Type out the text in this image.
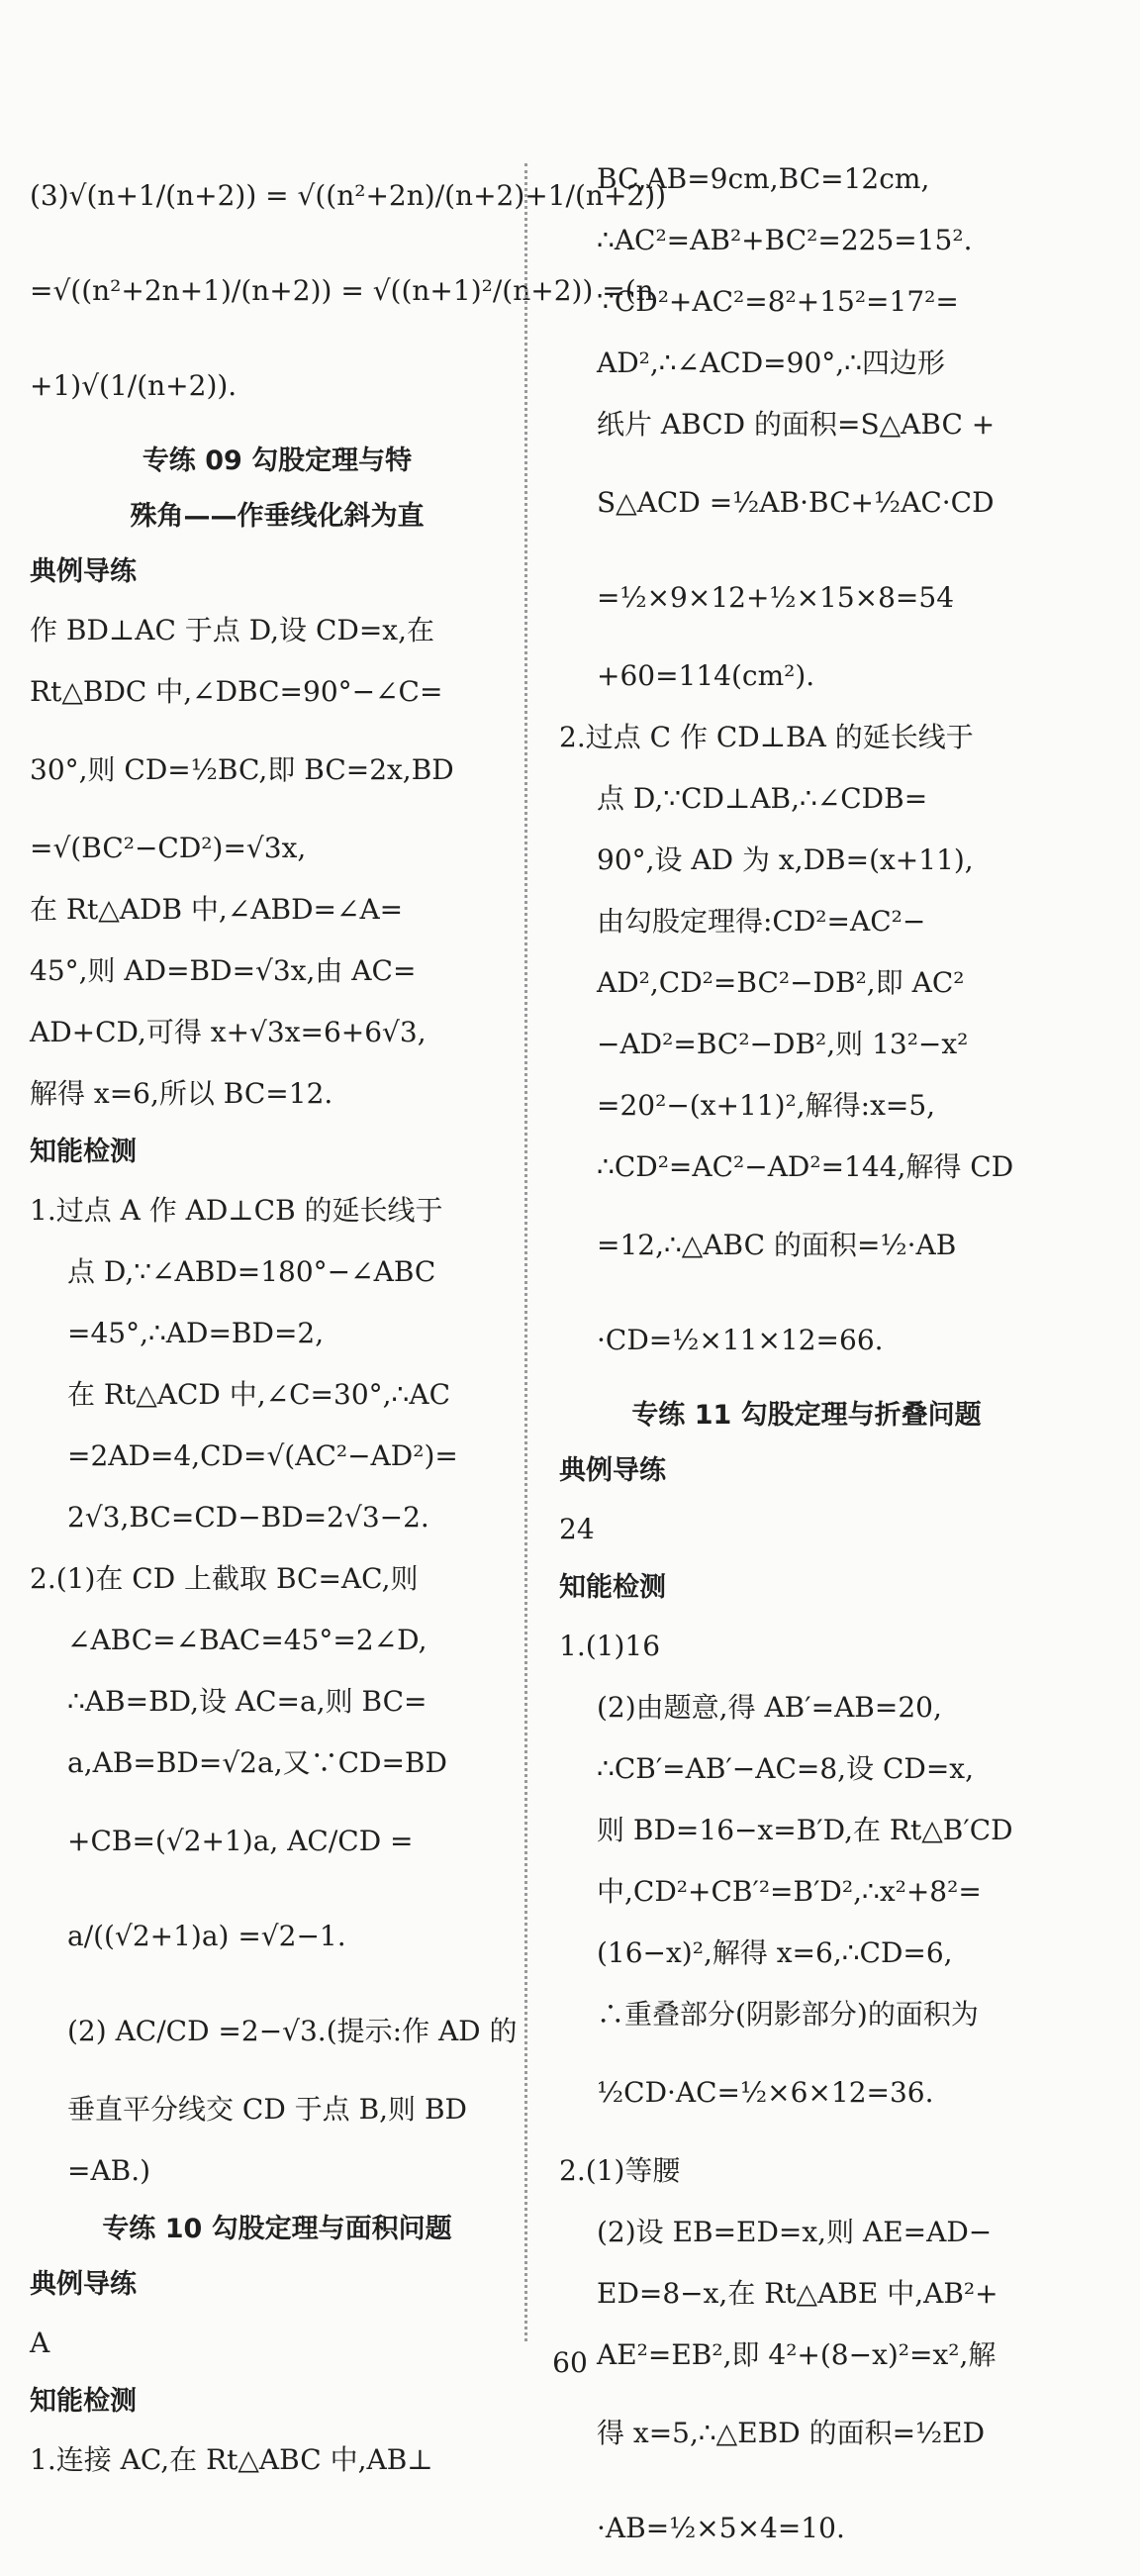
(3)√(n+1/(n+2)) = √((n²+2n)/(n+2)+1/(n+2))
=√((n²+2n+1)/(n+2)) = √((n+1)²/(n+2)) =(n
+1)√(1/(n+2)).
专练 09 勾股定理与特
殊角——作垂线化斜为直
典例导练
作 BD⊥AC 于点 D,设 CD=x,在
Rt△BDC 中,∠DBC=90°−∠C=
30°,则 CD=½BC,即 BC=2x,BD
=√(BC²−CD²)=√3x,
在 Rt△ADB 中,∠ABD=∠A=
45°,则 AD=BD=√3x,由 AC=
AD+CD,可得 x+√3x=6+6√3,
解得 x=6,所以 BC=12.
知能检测
1.过点 A 作 AD⊥CB 的延长线于
点 D,∵∠ABD=180°−∠ABC
=45°,∴AD=BD=2,
在 Rt△ACD 中,∠C=30°,∴AC
=2AD=4,CD=√(AC²−AD²)=
2√3,BC=CD−BD=2√3−2.
2.(1)在 CD 上截取 BC=AC,则
∠ABC=∠BAC=45°=2∠D,
∴AB=BD,设 AC=a,则 BC=
a,AB=BD=√2a,又∵CD=BD
+CB=(√2+1)a, AC/CD =
a/((√2+1)a) =√2−1.
(2) AC/CD =2−√3.(提示:作 AD 的
垂直平分线交 CD 于点 B,则 BD
=AB.)
专练 10 勾股定理与面积问题
典例导练
A
知能检测
1.连接 AC,在 Rt△ABC 中,AB⊥
BC,AB=9cm,BC=12cm,
∴AC²=AB²+BC²=225=15².
∵CD²+AC²=8²+15²=17²=
AD²,∴∠ACD=90°,∴四边形
纸片 ABCD 的面积=S△ABC +
S△ACD =½AB·BC+½AC·CD
=½×9×12+½×15×8=54
+60=114(cm²).
2.过点 C 作 CD⊥BA 的延长线于
点 D,∵CD⊥AB,∴∠CDB=
90°,设 AD 为 x,DB=(x+11),
由勾股定理得:CD²=AC²−
AD²,CD²=BC²−DB²,即 AC²
−AD²=BC²−DB²,则 13²−x²
=20²−(x+11)²,解得:x=5,
∴CD²=AC²−AD²=144,解得 CD
=12,∴△ABC 的面积=½·AB
·CD=½×11×12=66.
专练 11 勾股定理与折叠问题
典例导练
24
知能检测
1.(1)16
(2)由题意,得 AB′=AB=20,
∴CB′=AB′−AC=8,设 CD=x,
则 BD=16−x=B′D,在 Rt△B′CD
中,CD²+CB′²=B′D²,∴x²+8²=
(16−x)²,解得 x=6,∴CD=6,
∴重叠部分(阴影部分)的面积为
½CD·AC=½×6×12=36.
2.(1)等腰
(2)设 EB=ED=x,则 AE=AD−
ED=8−x,在 Rt△ABE 中,AB²+
AE²=EB²,即 4²+(8−x)²=x²,解
得 x=5,∴△EBD 的面积=½ED
·AB=½×5×4=10.
60
